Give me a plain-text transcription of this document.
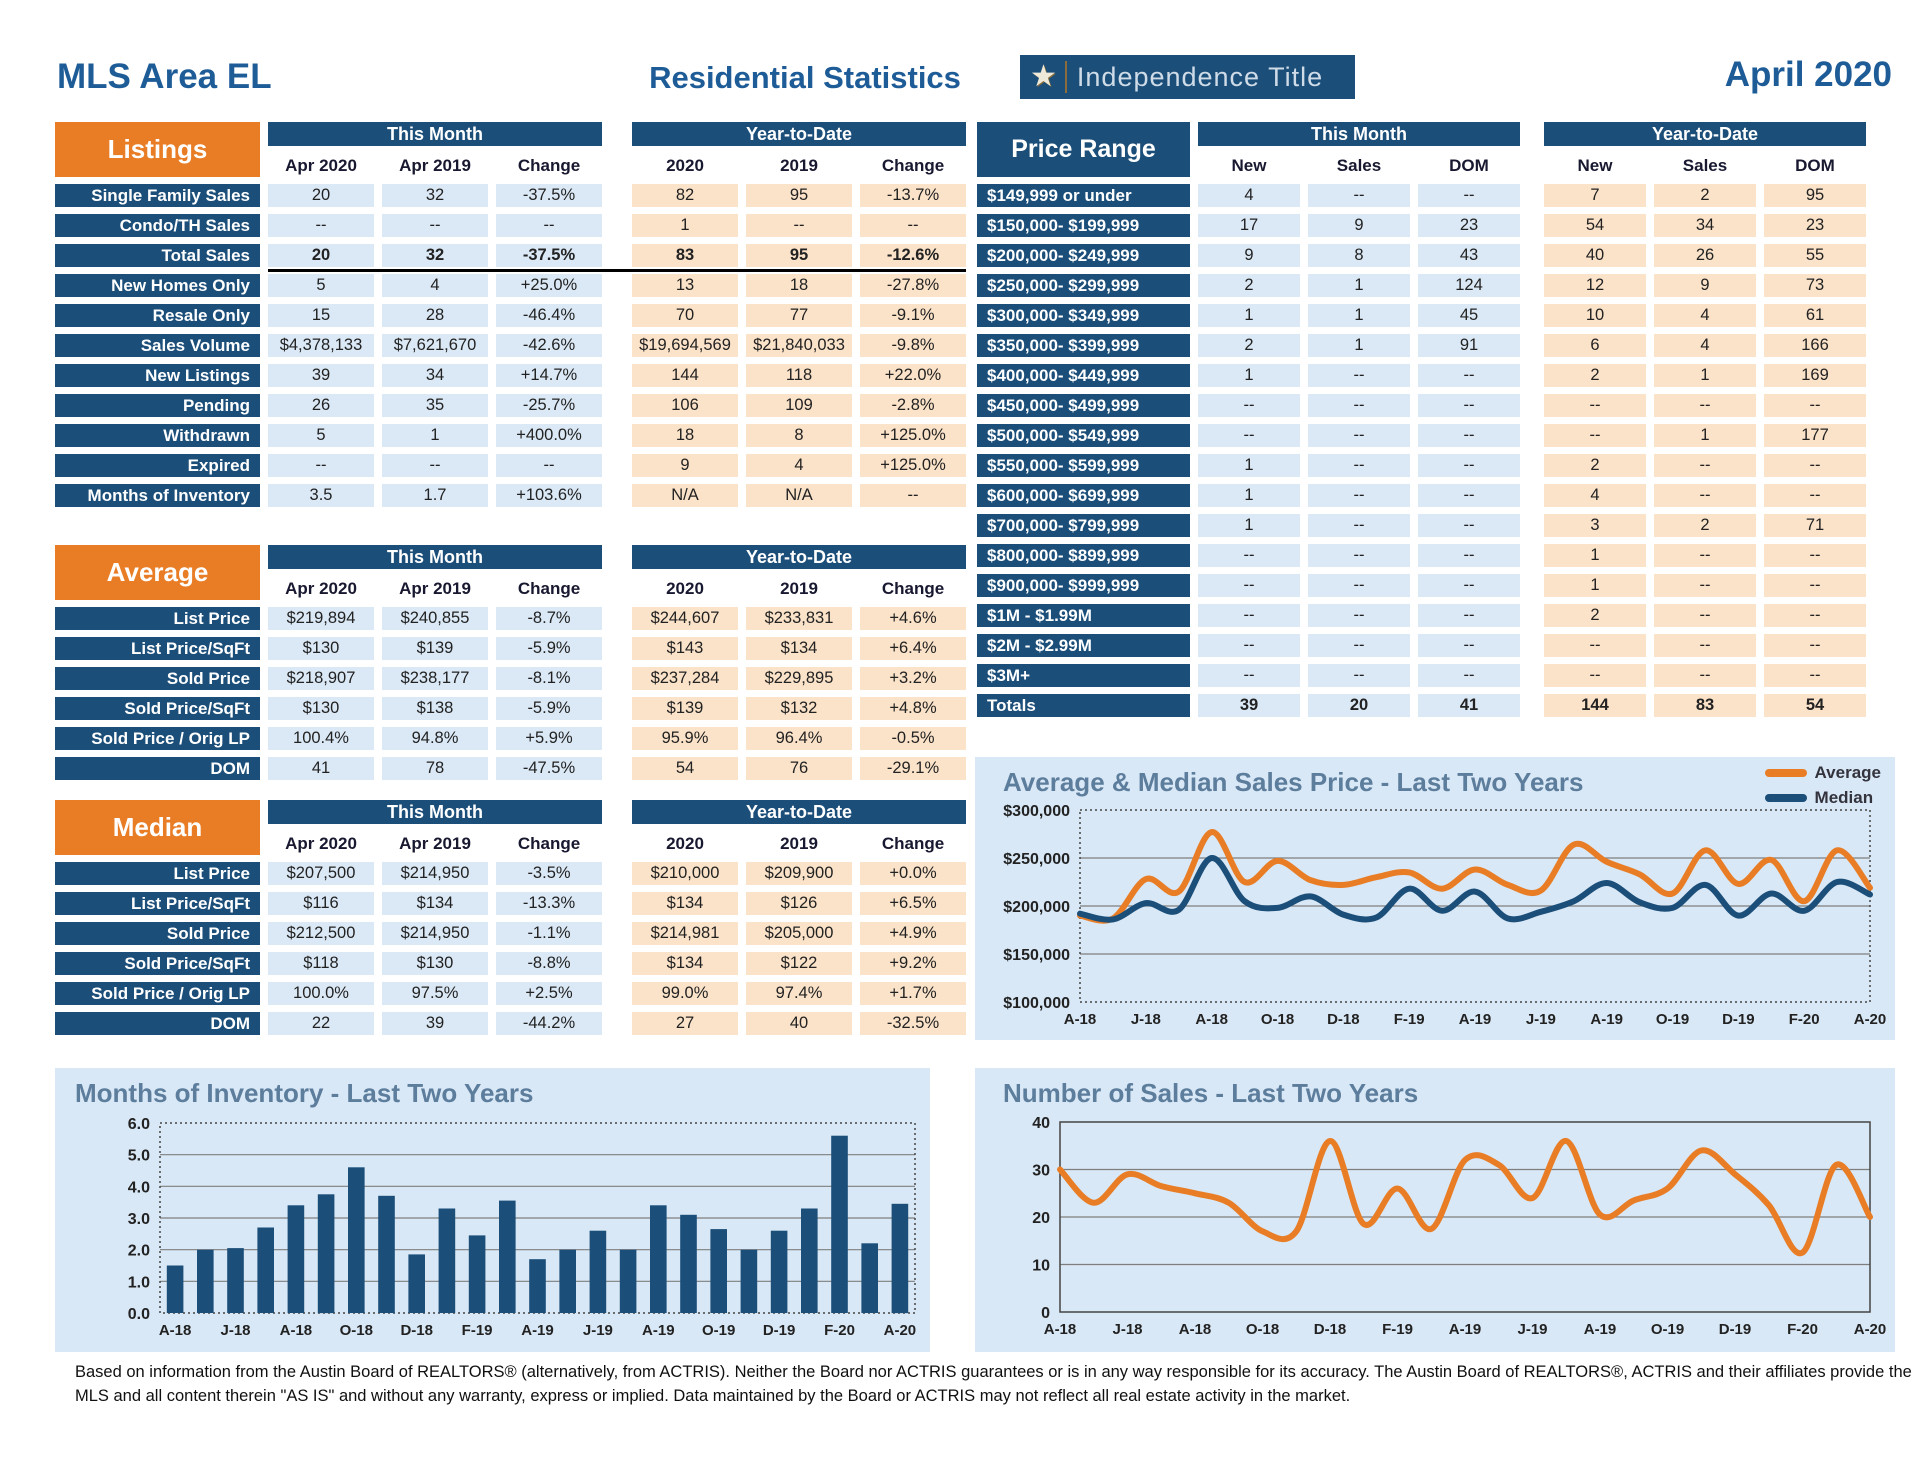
MLS Area EL	Residential Statistics	★ Independence Title	April 2020
Listings	This Month	Year-to-Date
Apr 2020	Apr 2019	Change	2020	2019	Change
Single Family Sales	20	32	-37.5%	82	95	-13.7%
Condo/TH Sales	--	--	--	1	--	--
Total Sales	20	32	-37.5%	83	95	-12.6%
New Homes Only	5	4	+25.0%	13	18	-27.8%
Resale Only	15	28	-46.4%	70	77	-9.1%
Sales Volume	$4,378,133	$7,621,670	-42.6%	$19,694,569	$21,840,033	-9.8%
New Listings	39	34	+14.7%	144	118	+22.0%
Pending	26	35	-25.7%	106	109	-2.8%
Withdrawn	5	1	+400.0%	18	8	+125.0%
Expired	--	--	--	9	4	+125.0%
Months of Inventory	3.5	1.7	+103.6%	N/A	N/A	--
Average	This Month	Year-to-Date
Apr 2020	Apr 2019	Change	2020	2019	Change
List Price	$219,894	$240,855	-8.7%	$244,607	$233,831	+4.6%
List Price/SqFt	$130	$139	-5.9%	$143	$134	+6.4%
Sold Price	$218,907	$238,177	-8.1%	$237,284	$229,895	+3.2%
Sold Price/SqFt	$130	$138	-5.9%	$139	$132	+4.8%
Sold Price / Orig LP	100.4%	94.8%	+5.9%	95.9%	96.4%	-0.5%
DOM	41	78	-47.5%	54	76	-29.1%
Median	This Month	Year-to-Date
Apr 2020	Apr 2019	Change	2020	2019	Change
List Price	$207,500	$214,950	-3.5%	$210,000	$209,900	+0.0%
List Price/SqFt	$116	$134	-13.3%	$134	$126	+6.5%
Sold Price	$212,500	$214,950	-1.1%	$214,981	$205,000	+4.9%
Sold Price/SqFt	$118	$130	-8.8%	$134	$122	+9.2%
Sold Price / Orig LP	100.0%	97.5%	+2.5%	99.0%	97.4%	+1.7%
DOM	22	39	-44.2%	27	40	-32.5%
Price Range
This Month	Year-to-Date
New	Sales	DOM	New	Sales	DOM
$149,999 or under	4	--	--	7	2	95
$150,000- $199,999	17	9	23	54	34	23
$200,000- $249,999	9	8	43	40	26	55
$250,000- $299,999	2	1	124	12	9	73
$300,000- $349,999	1	1	45	10	4	61
$350,000- $399,999	2	1	91	6	4	166
$400,000- $449,999	1	--	--	2	1	169
$450,000- $499,999	--	--	--	--	--	--
$500,000- $549,999	--	--	--	--	1	177
$550,000- $599,999	1	--	--	2	--	--
$600,000- $699,999	1	--	--	4	--	--
$700,000- $799,999	1	--	--	3	2	71
$800,000- $899,999	--	--	--	1	--	--
$900,000- $999,999	--	--	--	1	--	--
$1M - $1.99M	--	--	--	2	--	--
$2M - $2.99M	--	--	--	--	--	--
$3M+	--	--	--	--	--	--
Totals	39	20	41	144	83	54
Average & Median Sales Price - Last Two Years	Average
Median
$300,000
$250,000
$200,000
$150,000
$100,000
A-18 J-18 A-18 O-18 D-18 F-19 A-19 J-19 A-19 O-19 D-19 F-20 A-20
Months of Inventory - Last Two Years
6.0
5.0
4.0
3.0
2.0
1.0
0.0
A-18 J-18 A-18 O-18 D-18 F-19 A-19 J-19 A-19 O-19 D-19 F-20 A-20
Number of Sales - Last Two Years
40
30
20
10
0
A-18 J-18 A-18 O-18 D-18 F-19 A-19 J-19 A-19 O-19 D-19 F-20 A-20
Based on information from the Austin Board of REALTORS® (alternatively, from ACTRIS). Neither the Board nor ACTRIS guarantees or is in any way responsible for its accuracy. The Austin Board of REALTORS®, ACTRIS and their affiliates provide the
MLS and all content therein "AS IS" and without any warranty, express or implied. Data maintained by the Board or ACTRIS may not reflect all real estate activity in the market.
